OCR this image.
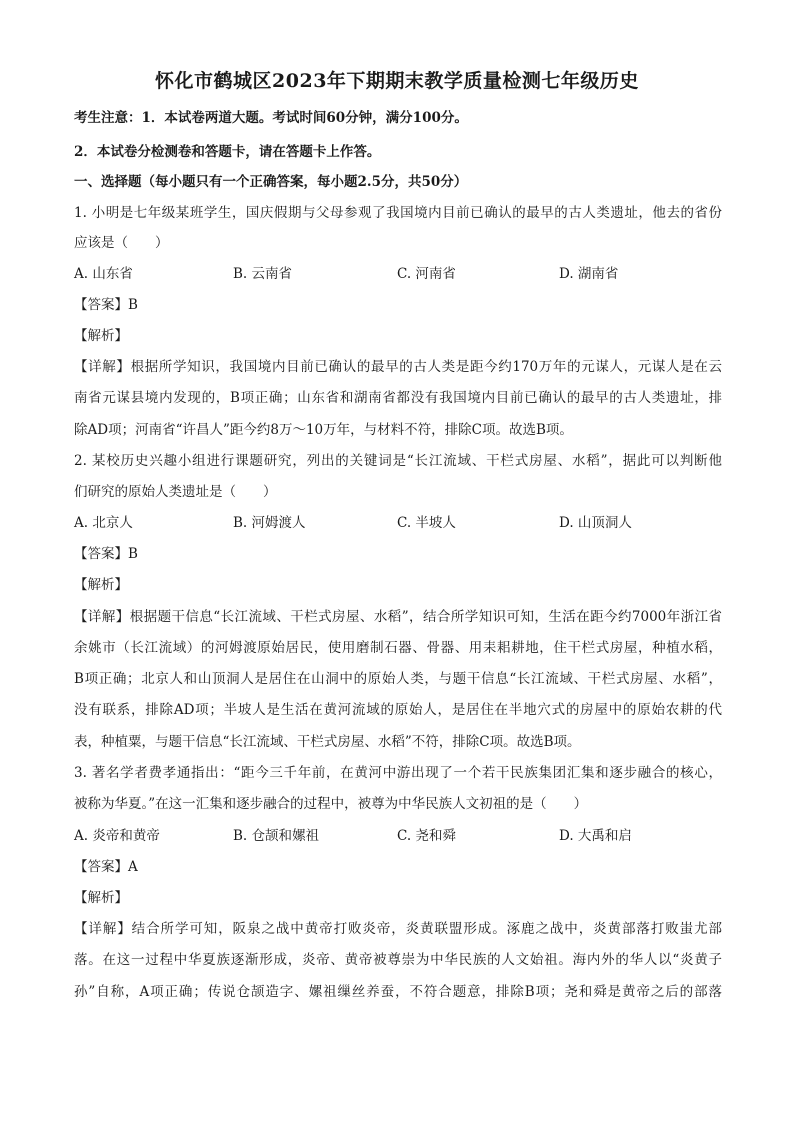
怀化市鹤城区2023年下期期末教学质量检测七年级历史
考生注意：1．本试卷两道大题。考试时间60分钟，满分100分。
2．本试卷分检测卷和答题卡，请在答题卡上作答。
一、选择题（每小题只有一个正确答案，每小题2.5分，共50分）
1. 小明是七年级某班学生，国庆假期与父母参观了我国境内目前已确认的最早的古人类遗址，他去的省份
应该是（　　）
A. 山东省	B. 云南省	C. 河南省	D. 湖南省
【答案】B
【解析】
【详解】根据所学知识，我国境内目前已确认的最早的古人类是距今约170万年的元谋人，元谋人是在云
南省元谋县境内发现的，B项正确；山东省和湖南省都没有我国境内目前已确认的最早的古人类遗址，排
除AD项；河南省“许昌人”距今约8万～10万年，与材料不符，排除C项。故选B项。
2. 某校历史兴趣小组进行课题研究，列出的关键词是“长江流域、干栏式房屋、水稻”，据此可以判断他
们研究的原始人类遗址是（　　）
A. 北京人	B. 河姆渡人	C. 半坡人	D. 山顶洞人
【答案】B
【解析】
【详解】根据题干信息“长江流域、干栏式房屋、水稻”，结合所学知识可知，生活在距今约7000年浙江省
余姚市（长江流域）的河姆渡原始居民，使用磨制石器、骨器、用耒耜耕地，住干栏式房屋，种植水稻，
B项正确；北京人和山顶洞人是居住在山洞中的原始人类，与题干信息“长江流域、干栏式房屋、水稻”，
没有联系，排除AD项；半坡人是生活在黄河流域的原始人，是居住在半地穴式的房屋中的原始农耕的代
表，种植粟，与题干信息“长江流域、干栏式房屋、水稻”不符，排除C项。故选B项。
3. 著名学者费孝通指出：“距今三千年前，在黄河中游出现了一个若干民族集团汇集和逐步融合的核心，
被称为华夏。”在这一汇集和逐步融合的过程中，被尊为中华民族人文初祖的是（　　）
A. 炎帝和黄帝	B. 仓颉和嫘祖	C. 尧和舜	D. 大禹和启
【答案】A
【解析】
【详解】结合所学可知，阪泉之战中黄帝打败炎帝，炎黄联盟形成。涿鹿之战中，炎黄部落打败蚩尤部
落。在这一过程中华夏族逐渐形成，炎帝、黄帝被尊崇为中华民族的人文始祖。海内外的华人以“炎黄子
孙”自称，A项正确；传说仓颉造字、嫘祖缫丝养蚕，不符合题意，排除B项；尧和舜是黄帝之后的部落
